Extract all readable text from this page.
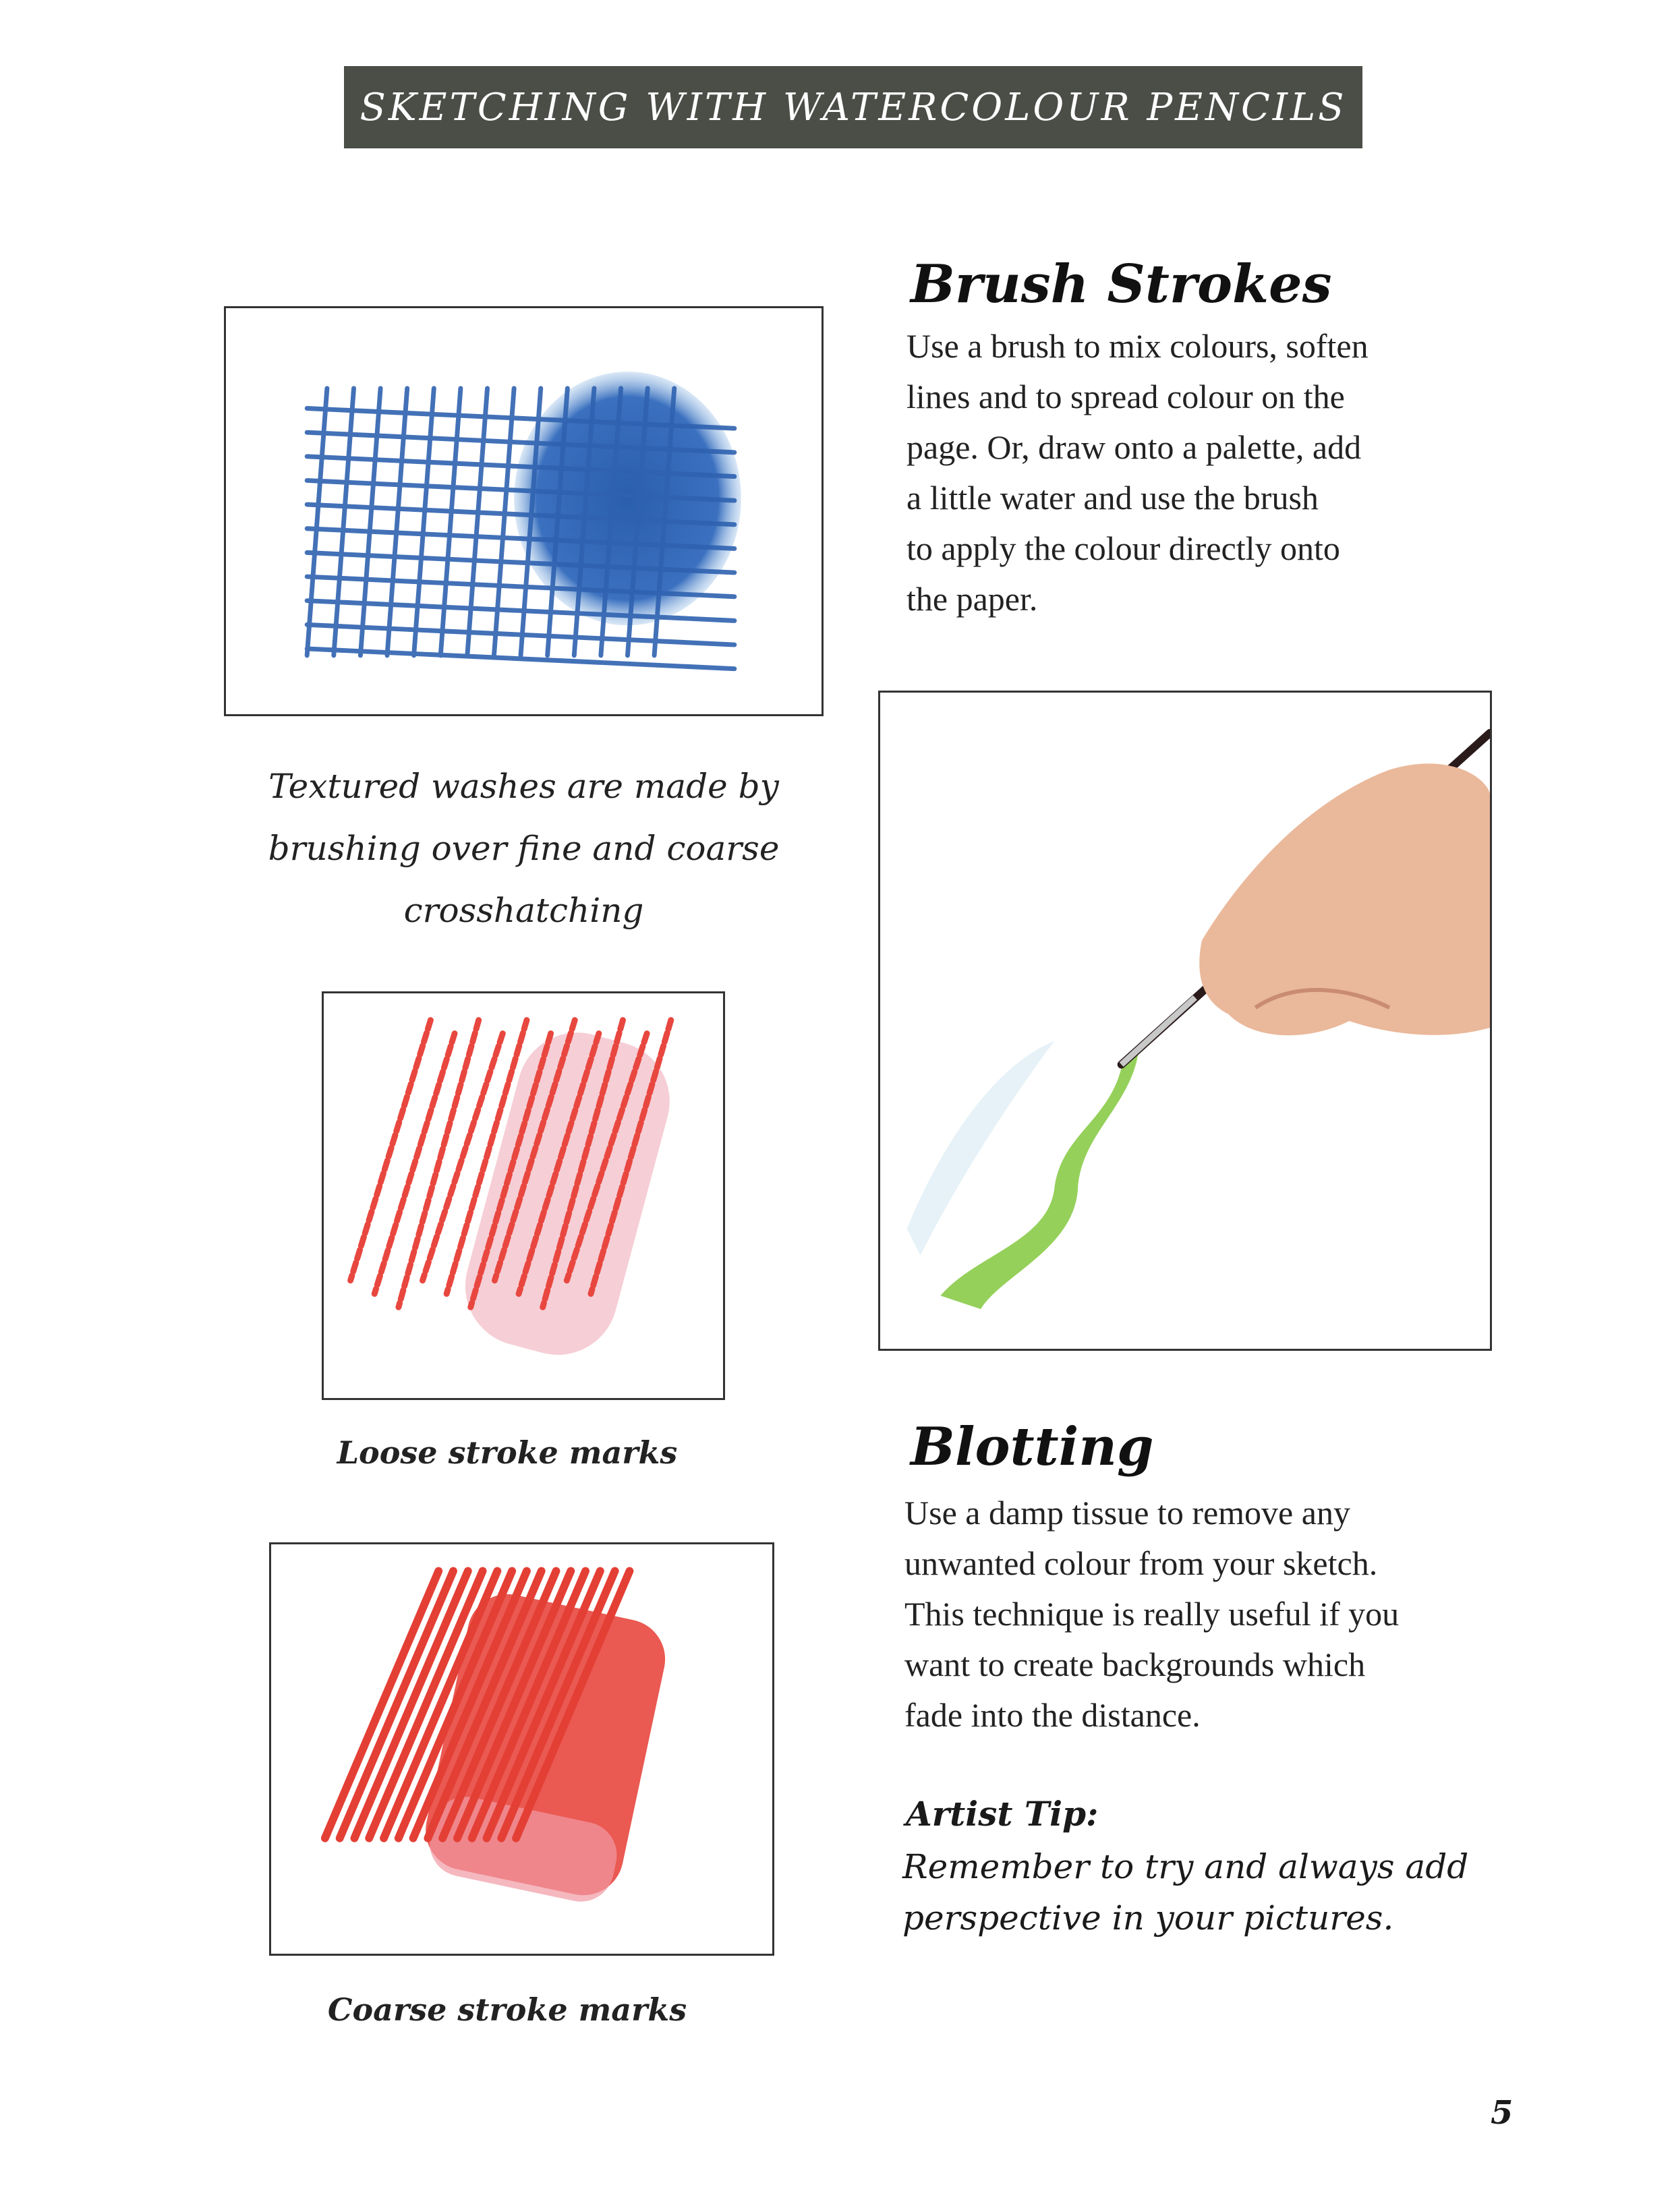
SKETCHING WITH WATERCOLOUR PENCILS
Textured washes are made by
brushing over fine and coarse
crosshatching
Loose stroke marks
Coarse stroke marks
Brush Strokes
Use a brush to mix colours, soften
lines and to spread colour on the
page. Or, draw onto a palette, add
a little water and use the brush
to apply the colour directly onto
the paper.
Blotting
Use a damp tissue to remove any
unwanted colour from your sketch.
This technique is really useful if you
want to create backgrounds which
fade into the distance.
Artist Tip:
Remember to try and always add
perspective in your pictures.
5
